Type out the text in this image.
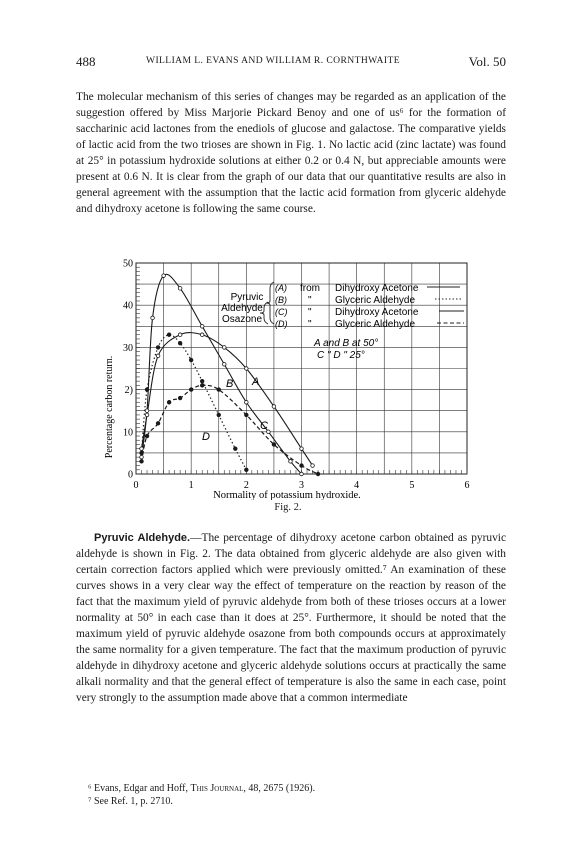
488	WILLIAM L. EVANS AND WILLIAM R. CORNTHWAITE	Vol. 50

The molecular mechanism of this series of changes may be regarded as an application of the suggestion offered by Miss Marjorie Pickard Benoy and one of us⁶ for the formation of saccharinic acid lactones from the enediols of glucose and galactose. The comparative yields of lactic acid from the two trioses are shown in Fig. 1. No lactic acid (zinc lactate) was found at 25° in potassium hydroxide solutions at either 0.2 or 0.4 N, but appreciable amounts were present at 0.6 N. It is clear from the graph of our data that our quantitative results are also in general agreement with the assumption that the lactic acid formation from glyceric aldehyde and dihydroxy acetone is following the same course.

0	1	2	3	4	5	6
0
10
2)
30
40
50
Percentage carbon return.
Pyruvic
Aldehyde
Osazone
(A) from Dihydroxy Acetone
(B) " Glyceric Aldehyde
(C) " Dihydroxy Acetone
(D) " Glyceric Aldehyde
A and B at 50°
C " D " 25°
B A
C
D
Normality of potassium hydroxide.
Fig. 2.

Pyruvic Aldehyde.—The percentage of dihydroxy acetone carbon obtained as pyruvic aldehyde is shown in Fig. 2. The data obtained from glyceric aldehyde are also given with certain correction factors applied which were previously omitted.⁷ An examination of these curves shows in a very clear way the effect of temperature on the reaction by reason of the fact that the maximum yield of pyruvic aldehyde from both of these trioses occurs at a lower normality at 50° in each case than it does at 25°. Furthermore, it should be noted that the maximum yield of pyruvic aldehyde osazone from both compounds occurs at approximately the same normality for a given temperature. The fact that the maximum production of pyruvic aldehyde in dihydroxy acetone and glyceric aldehyde solutions occurs at practically the same alkali normality and that the general effect of temperature is also the same in each case, point very strongly to the assumption made above that a common intermediate

⁶ Evans, Edgar and Hoff, This Journal, 48, 2675 (1926).
⁷ See Ref. 1, p. 2710.
